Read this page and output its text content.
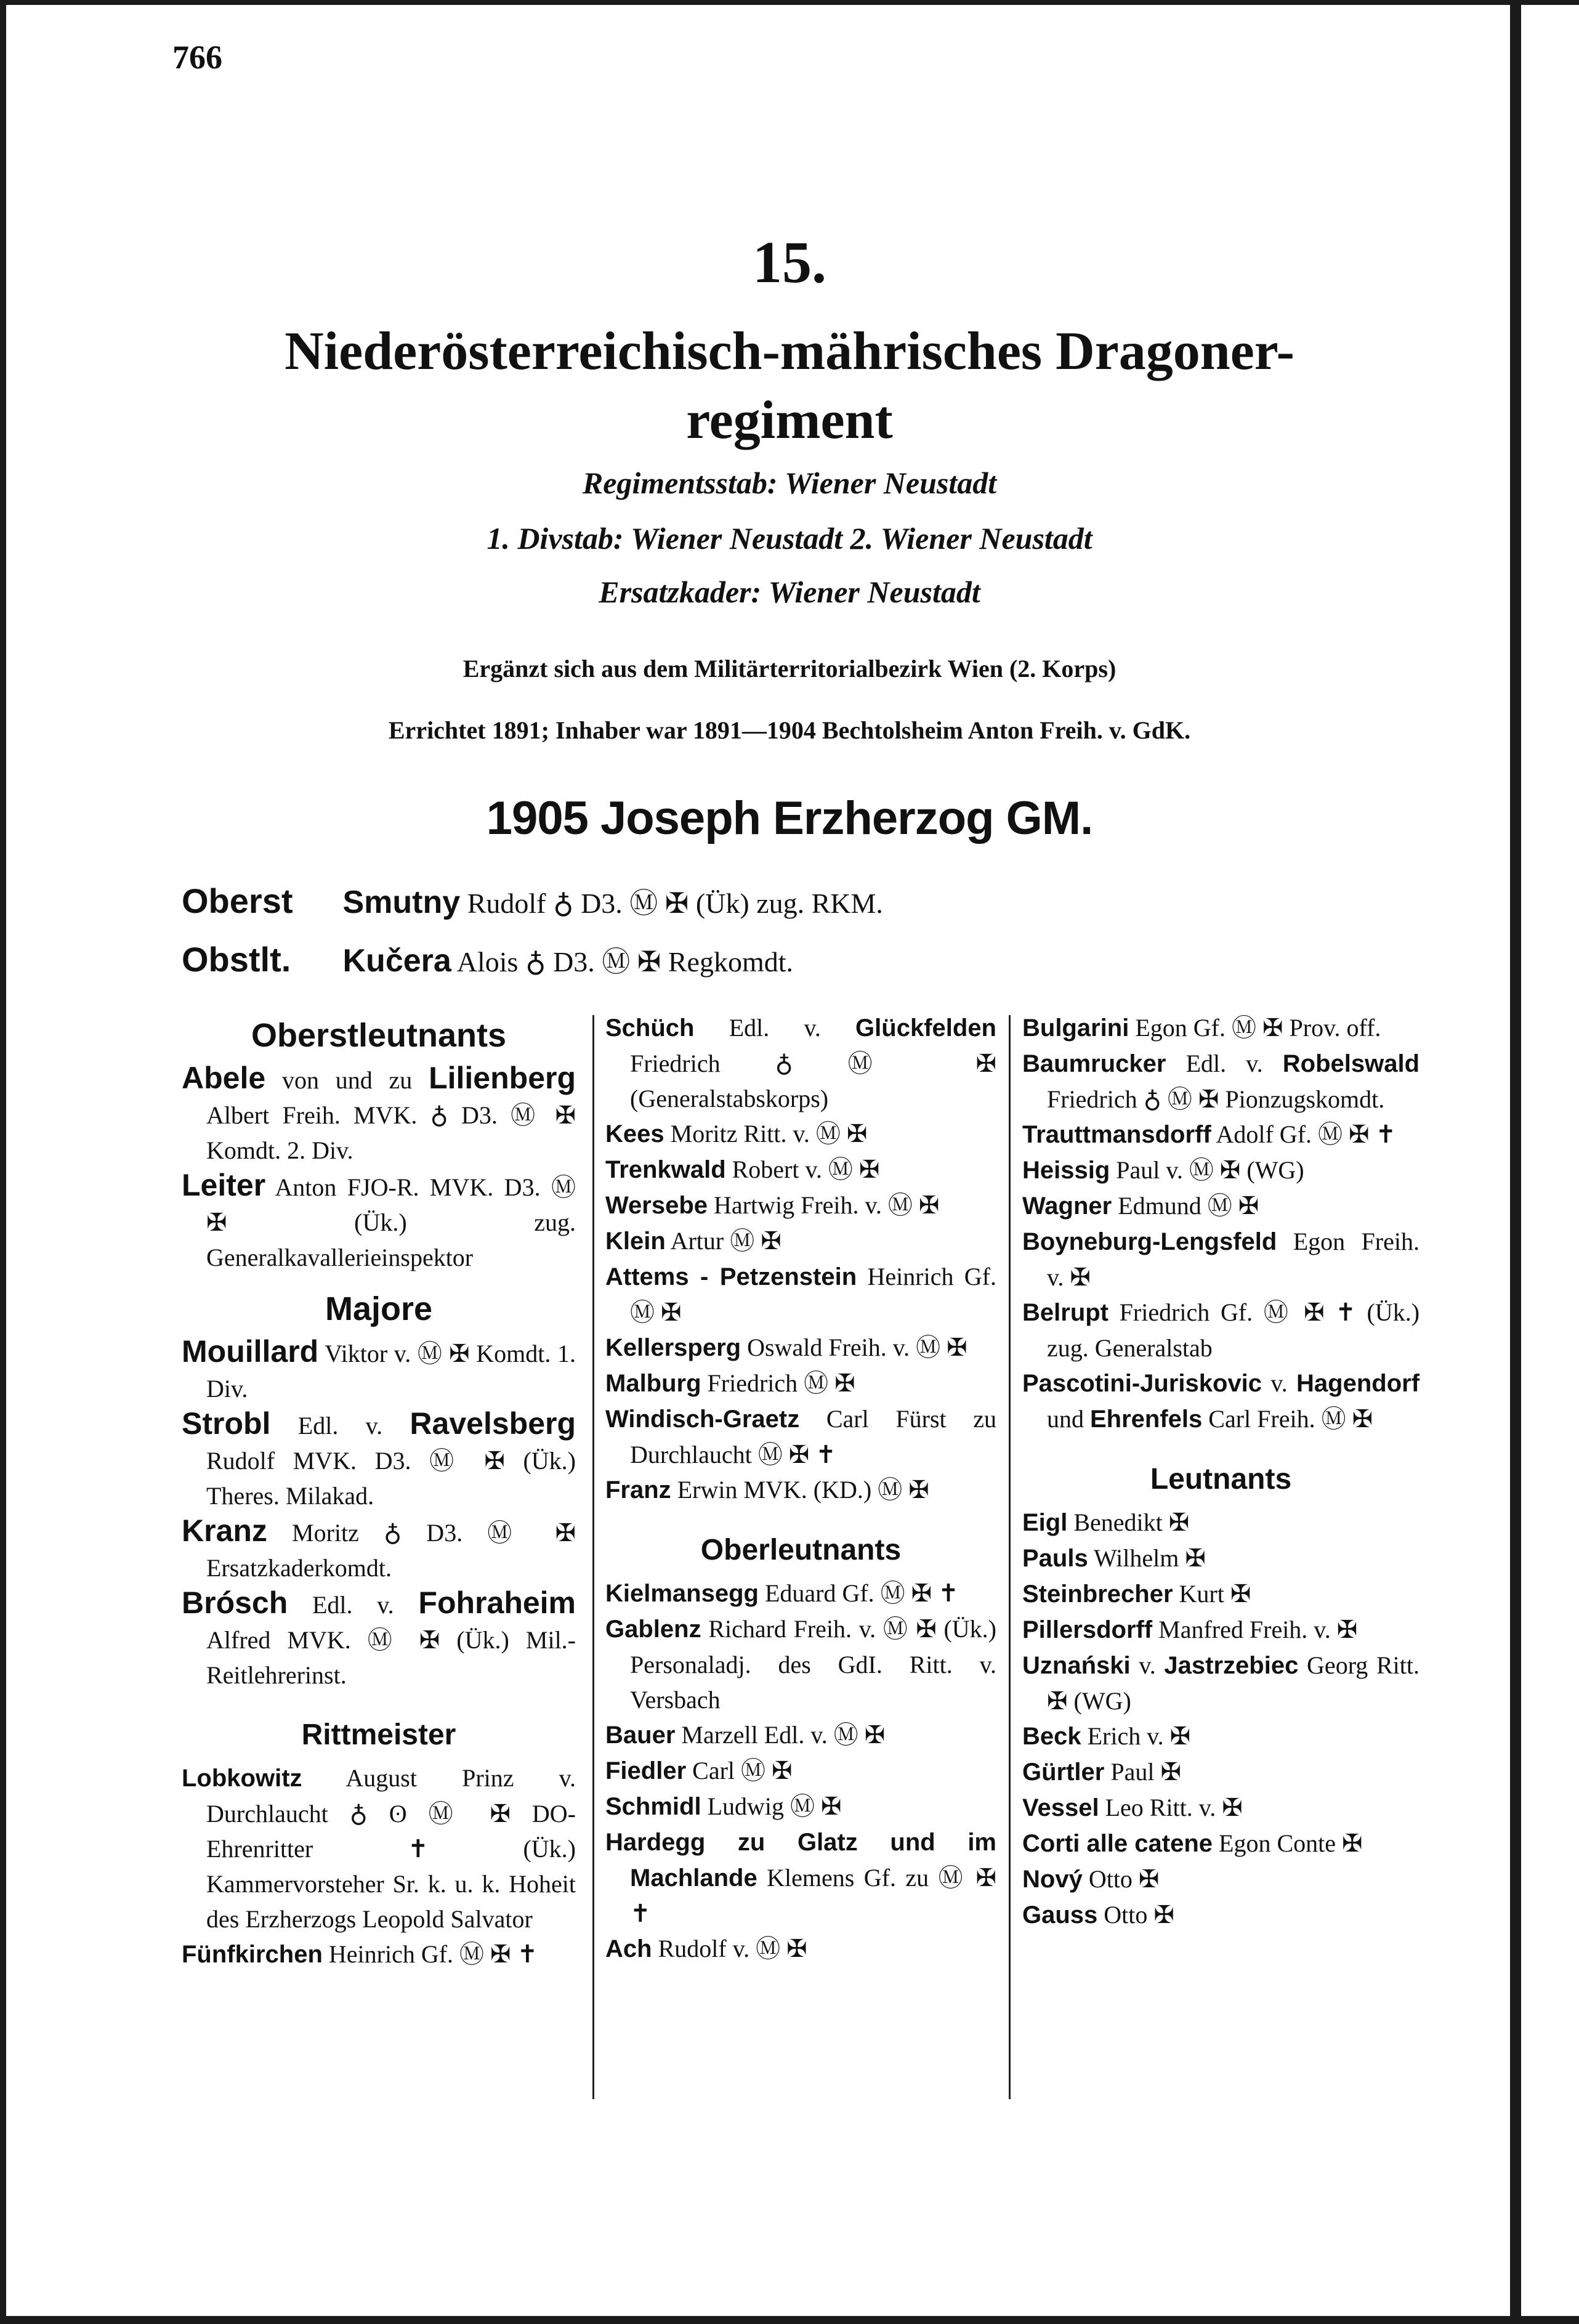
766
15.
Niederösterreichisch-mährisches Dragoner-
regiment
Regimentsstab: Wiener Neustadt
1. Divstab: Wiener Neustadt 2. Wiener Neustadt
Ersatzkader: Wiener Neustadt
Ergänzt sich aus dem Militärterritorialbezirk Wien (2. Korps)
Errichtet 1891; Inhaber war 1891—1904 Bechtolsheim Anton Freih. v. GdK.
1905 Joseph Erzherzog GM.
Oberst Smutny Rudolf ♁ D3. Ⓜ ✠ (Ük) zug. RKM.
Obstlt. Kučera Alois ♁ D3. Ⓜ ✠ Regkomdt.
Oberstleutnants
Abele von und zu Lilienberg Albert Freih. MVK. ♁ D3. Ⓜ ✠ Komdt. 2. Div.
Leiter Anton FJO-R. MVK. D3. Ⓜ ✠ (Ük.) zug. Generalkavallerieinspektor
Majore
Mouillard Viktor v. Ⓜ ✠ Komdt. 1. Div.
Strobl Edl. v. Ravelsberg Rudolf MVK. D3. Ⓜ ✠ (Ük.) Theres. Milakad.
Kranz Moritz ♁ D3. Ⓜ ✠ Ersatzkaderkomdt.
Brósch Edl. v. Fohraheim Alfred MVK. Ⓜ ✠ (Ük.) Mil.-Reitlehrerinst.
Rittmeister
Lobkowitz August Prinz v. Durchlaucht ♁ ʘ Ⓜ ✠ DO-Ehrenritter ✝ (Ük.) Kammervorsteher Sr. k. u. k. Hoheit des Erzherzogs Leopold Salvator
Fünfkirchen Heinrich Gf. Ⓜ ✠ ✝
Schüch Edl. v. Glückfelden Friedrich ♁ Ⓜ ✠ (Generalstabskorps)
Kees Moritz Ritt. v. Ⓜ ✠
Trenkwald Robert v. Ⓜ ✠
Wersebe Hartwig Freih. v. Ⓜ ✠
Klein Artur Ⓜ ✠
Attems - Petzenstein Heinrich Gf. Ⓜ ✠
Kellersperg Oswald Freih. v. Ⓜ ✠
Malburg Friedrich Ⓜ ✠
Windisch-Graetz Carl Fürst zu Durchlaucht Ⓜ ✠ ✝
Franz Erwin MVK. (KD.) Ⓜ ✠
Oberleutnants
Kielmansegg Eduard Gf. Ⓜ ✠ ✝
Gablenz Richard Freih. v. Ⓜ ✠ (Ük.) Personaladj. des GdI. Ritt. v. Versbach
Bauer Marzell Edl. v. Ⓜ ✠
Fiedler Carl Ⓜ ✠
Schmidl Ludwig Ⓜ ✠
Hardegg zu Glatz und im Machlande Klemens Gf. zu Ⓜ ✠ ✝
Ach Rudolf v. Ⓜ ✠
Bulgarini Egon Gf. Ⓜ ✠ Prov. off.
Baumrucker Edl. v. Robelswald Friedrich ♁ Ⓜ ✠ Pionzugskomdt.
Trauttmansdorff Adolf Gf. Ⓜ ✠ ✝
Heissig Paul v. Ⓜ ✠ (WG)
Wagner Edmund Ⓜ ✠
Boyneburg-Lengsfeld Egon Freih. v. ✠
Belrupt Friedrich Gf. Ⓜ ✠ ✝ (Ük.) zug. Generalstab
Pascotini-Juriskovic v. Hagendorf und Ehrenfels Carl Freih. Ⓜ ✠
Leutnants
Eigl Benedikt ✠
Pauls Wilhelm ✠
Steinbrecher Kurt ✠
Pillersdorff Manfred Freih. v. ✠
Uznański v. Jastrzebiec Georg Ritt. ✠ (WG)
Beck Erich v. ✠
Gürtler Paul ✠
Vessel Leo Ritt. v. ✠
Corti alle catene Egon Conte ✠
Nový Otto ✠
Gauss Otto ✠
